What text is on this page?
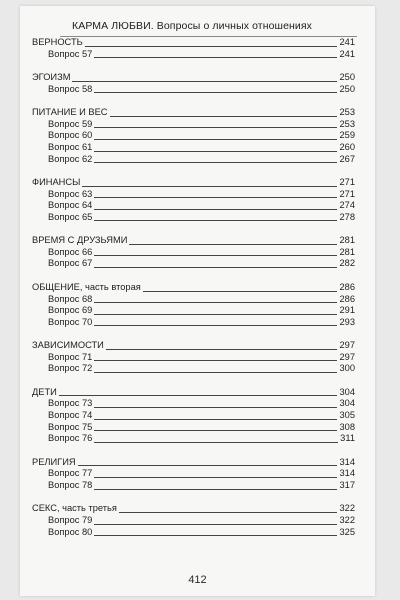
КАРМА ЛЮБВИ. Вопросы о личных отношениях
ВЕРНОСТЬ	241
Вопрос 57	241
ЭГОИЗМ	250
Вопрос 58	250
ПИТАНИЕ И ВЕС	253
Вопрос 59	253
Вопрос 60	259
Вопрос 61	260
Вопрос 62	267
ФИНАНСЫ	271
Вопрос 63	271
Вопрос 64	274
Вопрос 65	278
ВРЕМЯ С ДРУЗЬЯМИ	281
Вопрос 66	281
Вопрос 67	282
ОБЩЕНИЕ, часть вторая	286
Вопрос 68	286
Вопрос 69	291
Вопрос 70	293
ЗАВИСИМОСТИ	297
Вопрос 71	297
Вопрос 72	300
ДЕТИ	304
Вопрос 73	304
Вопрос 74	305
Вопрос 75	308
Вопрос 76	311
РЕЛИГИЯ	314
Вопрос 77	314
Вопрос 78	317
СЕКС, часть третья	322
Вопрос 79	322
Вопрос 80	325
412
